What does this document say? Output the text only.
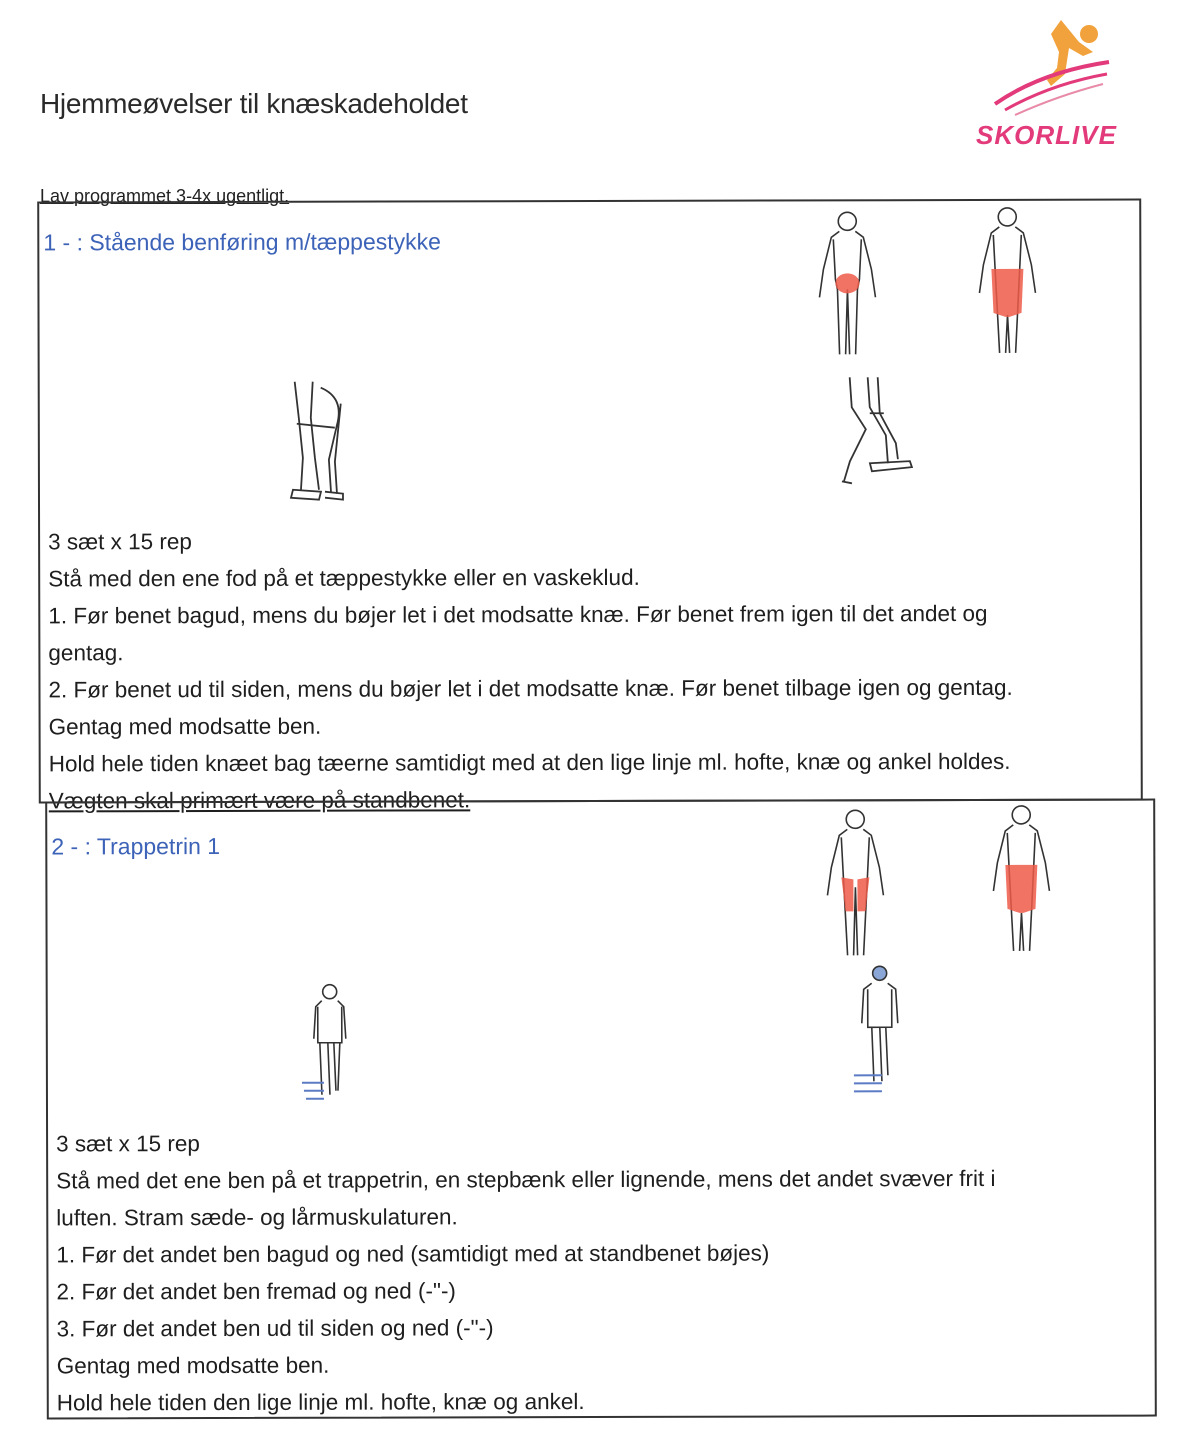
Hjemmeøvelser til knæskadeholdet
SKORLIVE
Lav programmet 3-4x ugentligt.
1 - : Stående benføring m/tæppestykke
3 sæt x 15 rep
Stå med den ene fod på et tæppestykke eller en vaskeklud.
1. Før benet bagud, mens du bøjer let i det modsatte knæ. Før benet frem igen til det andet og
gentag.
2. Før benet ud til siden, mens du bøjer let i det modsatte knæ. Før benet tilbage igen og gentag.
Gentag med modsatte ben.
Hold hele tiden knæet bag tæerne samtidigt med at den lige linje ml. hofte, knæ og ankel holdes.
Vægten skal primært være på standbenet.
2 - : Trappetrin 1
3 sæt x 15 rep
Stå med det ene ben på et trappetrin, en stepbænk eller lignende, mens det andet svæver frit i
luften. Stram sæde- og lårmuskulaturen.
1. Før det andet ben bagud og ned (samtidigt med at standbenet bøjes)
2. Før det andet ben fremad og ned (-"-)
3. Før det andet ben ud til siden og ned (-"-)
Gentag med modsatte ben.
Hold hele tiden den lige linje ml. hofte, knæ og ankel.
